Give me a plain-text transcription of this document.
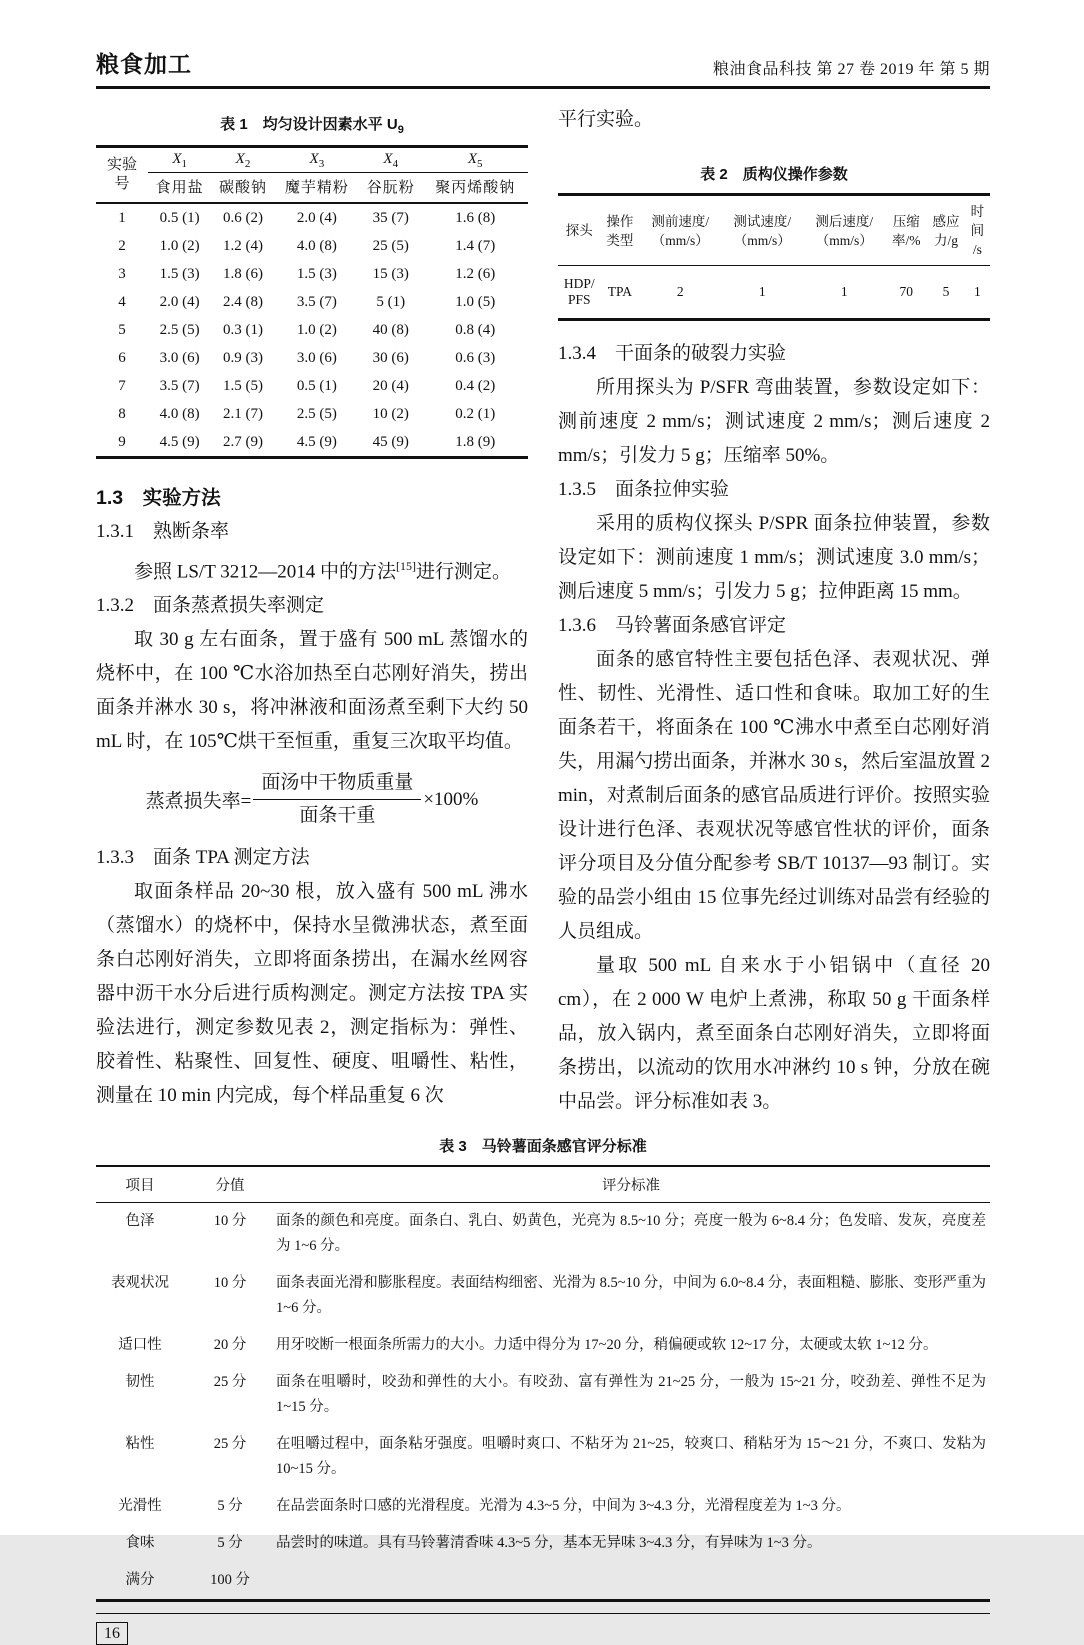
粮食加工	粮油食品科技 第 27 卷 2019 年 第 5 期
表 1　均匀设计因素水平 $U_9$
实验号	$X_1$	$X_2$	$X_3$	$X_4$	$X_5$
	食用盐	碳酸钠	魔芋精粉	谷朊粉	聚丙烯酸钠
1	0.5 (1)	0.6 (2)	2.0 (4)	35 (7)	1.6 (8)
2	1.0 (2)	1.2 (4)	4.0 (8)	25 (5)	1.4 (7)
3	1.5 (3)	1.8 (6)	1.5 (3)	15 (3)	1.2 (6)
4	2.0 (4)	2.4 (8)	3.5 (7)	5 (1)	1.0 (5)
5	2.5 (5)	0.3 (1)	1.0 (2)	40 (8)	0.8 (4)
6	3.0 (6)	0.9 (3)	3.0 (6)	30 (6)	0.6 (3)
7	3.5 (7)	1.5 (5)	0.5 (1)	20 (4)	0.4 (2)
8	4.0 (8)	2.1 (7)	2.5 (5)	10 (2)	0.2 (1)
9	4.5 (9)	2.7 (9)	4.5 (9)	45 (9)	1.8 (9)
1.3　实验方法
1.3.1　熟断条率

参照 LS/T 3212—2014 中的方法[15]进行测定。

1.3.2　面条蒸煮损失率测定

取 30 g 左右面条，置于盛有 500 mL 蒸馏水的烧杯中，在 100 ℃水浴加热至白芯刚好消失，捞出面条并淋水 30 s，将冲淋液和面汤煮至剩下大约 50 mL 时，在 105℃烘干至恒重，重复三次取平均值。

蒸煮损失率= $\frac{\text{面汤中干物质重量}}{\text{面条干重}} \times 100\%$
1.3.3　面条 TPA 测定方法

取面条样品 20~30 根，放入盛有 500 mL 沸水（蒸馏水）的烧杯中，保持水呈微沸状态，煮至面条白芯刚好消失，立即将面条捞出，在漏水丝网容器中沥干水分后进行质构测定。测定方法按 TPA 实验法进行，测定参数见表 2，测定指标为：弹性、胶着性、粘聚性、回复性、硬度、咀嚼性、粘性，测量在 10 min 内完成，每个样品重复 6 次

平行实验。

表 2　质构仪操作参数
探头	操作 类型	测前速度/ （mm/s）	测试速度/ （mm/s）	测后速度/ （mm/s）	压缩 率/%	感应 力/g	时间 /s
HDP/ PFS	TPA	2	1	1	70	5	1
1.3.4　干面条的破裂力实验

所用探头为 P/SFR 弯曲装置，参数设定如下：测前速度 2 mm/s；测试速度 2 mm/s；测后速度 2 mm/s；引发力 5 g；压缩率 50%。

1.3.5　面条拉伸实验

采用的质构仪探头 P/SPR 面条拉伸装置，参数设定如下：测前速度 1 mm/s；测试速度 3.0 mm/s；测后速度 5 mm/s；引发力 5 g；拉伸距离 15 mm。

1.3.6　马铃薯面条感官评定

面条的感官特性主要包括色泽、表观状况、弹性、韧性、光滑性、适口性和食味。取加工好的生面条若干，将面条在 100 ℃沸水中煮至白芯刚好消失，用漏勺捞出面条，并淋水 30 s，然后室温放置 2 min，对煮制后面条的感官品质进行评价。按照实验设计进行色泽、表观状况等感官性状的评价，面条评分项目及分值分配参考 SB/T 10137—93 制订。实验的品尝小组由 15 位事先经过训练对品尝有经验的人员组成。

量取 500 mL 自来水于小铝锅中（直径 20 cm），在 2 000 W 电炉上煮沸，称取 50 g 干面条样品，放入锅内，煮至面条白芯刚好消失，立即将面条捞出，以流动的饮用水冲淋约 10 s 钟，分放在碗中品尝。评分标准如表 3。

表 3　马铃薯面条感官评分标准
项目	分值	评分标准
色泽	10 分	面条的颜色和亮度。面条白、乳白、奶黄色，光亮为 8.5~10 分；亮度一般为 6~8.4 分；色发暗、发灰，亮度差为 1~6 分。
表观状况	10 分	面条表面光滑和膨胀程度。表面结构细密、光滑为 8.5~10 分，中间为 6.0~8.4 分，表面粗糙、膨胀、变形严重为 1~6 分。
适口性	20 分	用牙咬断一根面条所需力的大小。力适中得分为 17~20 分，稍偏硬或软 12~17 分，太硬或太软 1~12 分。
韧性	25 分	面条在咀嚼时，咬劲和弹性的大小。有咬劲、富有弹性为 21~25 分，一般为 15~21 分，咬劲差、弹性不足为 1~15 分。
粘性	25 分	在咀嚼过程中，面条粘牙强度。咀嚼时爽口、不粘牙为 21~25，较爽口、稍粘牙为 15～21 分，不爽口、发粘为 10~15 分。
光滑性	5 分	在品尝面条时口感的光滑程度。光滑为 4.3~5 分，中间为 3~4.3 分，光滑程度差为 1~3 分。
食味	5 分	品尝时的味道。具有马铃薯清香味 4.3~5 分，基本无异味 3~4.3 分，有异味为 1~3 分。
满分	100 分	
16
